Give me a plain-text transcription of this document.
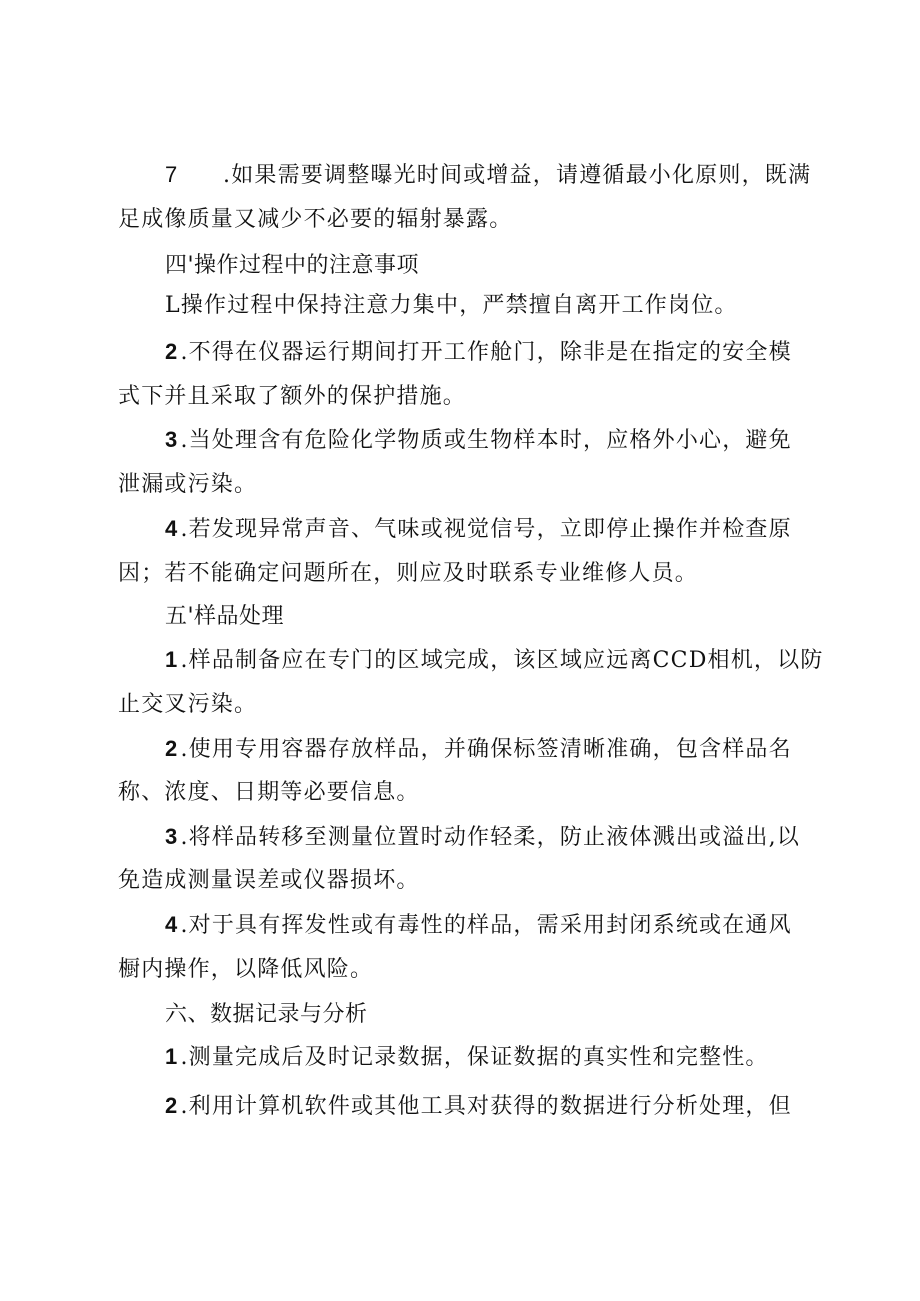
7 .如果需要调整曝光时间或增益，请遵循最小化原则，既满
足成像质量又减少不必要的辐射暴露。
四'操作过程中的注意事项
L操作过程中保持注意力集中，严禁擅自离开工作岗位。
2.不得在仪器运行期间打开工作舱门，除非是在指定的安全模
式下并且采取了额外的保护措施。
3.当处理含有危险化学物质或生物样本时，应格外小心，避免
泄漏或污染。
4.若发现异常声音、气味或视觉信号，立即停止操作并检查原
因；若不能确定问题所在，则应及时联系专业维修人员。
五'样品处理
1.样品制备应在专门的区域完成，该区域应远离CCD相机，以防
止交叉污染。
2.使用专用容器存放样品，并确保标签清晰准确，包含样品名
称、浓度、日期等必要信息。
3.将样品转移至测量位置时动作轻柔，防止液体溅出或溢出,以
免造成测量误差或仪器损坏。
4.对于具有挥发性或有毒性的样品，需采用封闭系统或在通风
橱内操作，以降低风险。
六、数据记录与分析
1.测量完成后及时记录数据，保证数据的真实性和完整性。
2.利用计算机软件或其他工具对获得的数据进行分析处理，但
